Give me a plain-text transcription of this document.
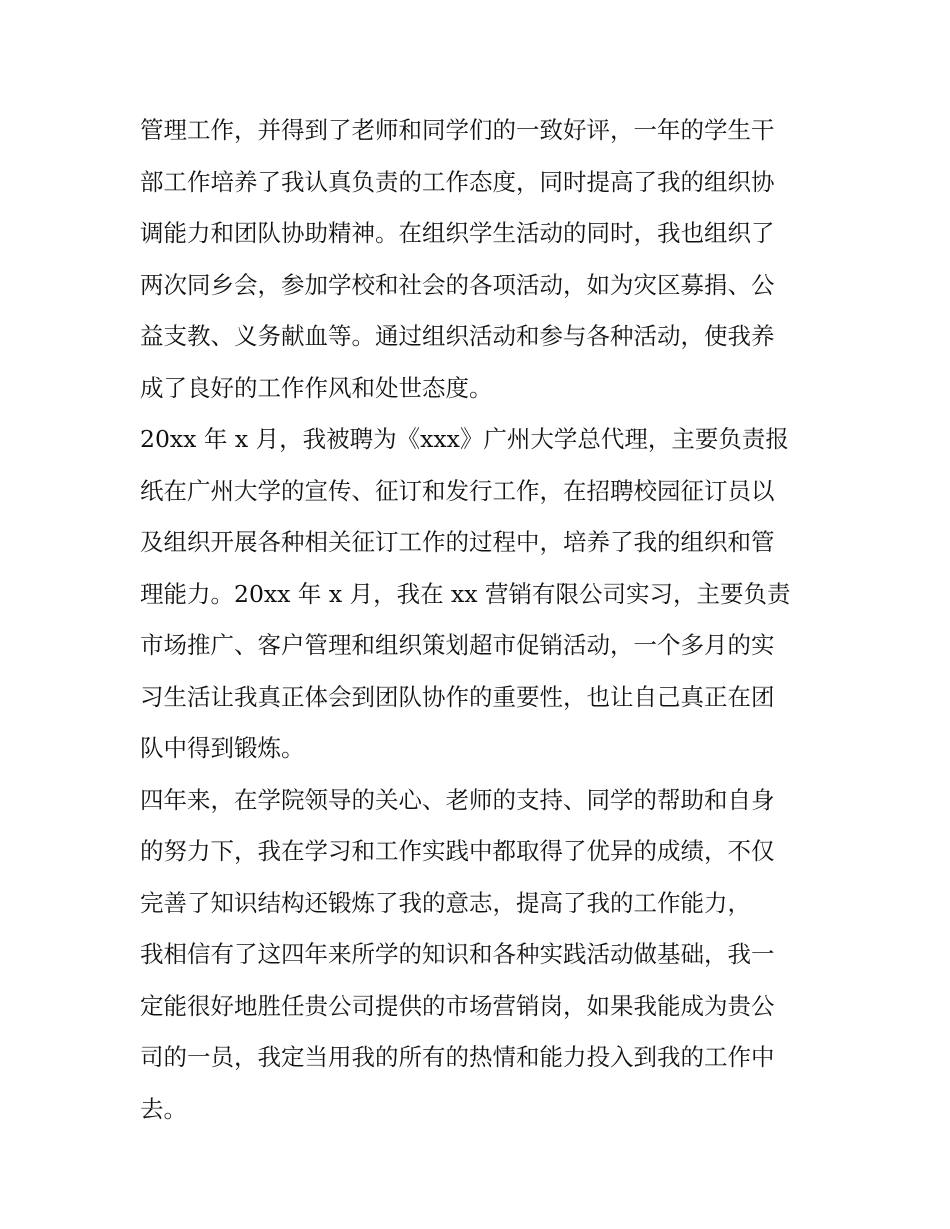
管理工作，并得到了老师和同学们的一致好评，一年的学生干
部工作培养了我认真负责的工作态度，同时提高了我的组织协
调能力和团队协助精神。在组织学生活动的同时，我也组织了
两次同乡会，参加学校和社会的各项活动，如为灾区募捐、公
益支教、义务献血等。通过组织活动和参与各种活动，使我养
成了良好的工作作风和处世态度。
20xx 年 x 月，我被聘为《xxx》广州大学总代理，主要负责报
纸在广州大学的宣传、征订和发行工作，在招聘校园征订员以
及组织开展各种相关征订工作的过程中，培养了我的组织和管
理能力。20xx 年 x 月，我在 xx 营销有限公司实习，主要负责
市场推广、客户管理和组织策划超市促销活动，一个多月的实
习生活让我真正体会到团队协作的重要性，也让自己真正在团
队中得到锻炼。
四年来，在学院领导的关心、老师的支持、同学的帮助和自身
的努力下，我在学习和工作实践中都取得了优异的成绩，不仅
完善了知识结构还锻炼了我的意志，提高了我的工作能力，
我相信有了这四年来所学的知识和各种实践活动做基础，我一
定能很好地胜任贵公司提供的市场营销岗，如果我能成为贵公
司的一员，我定当用我的所有的热情和能力投入到我的工作中
去。
